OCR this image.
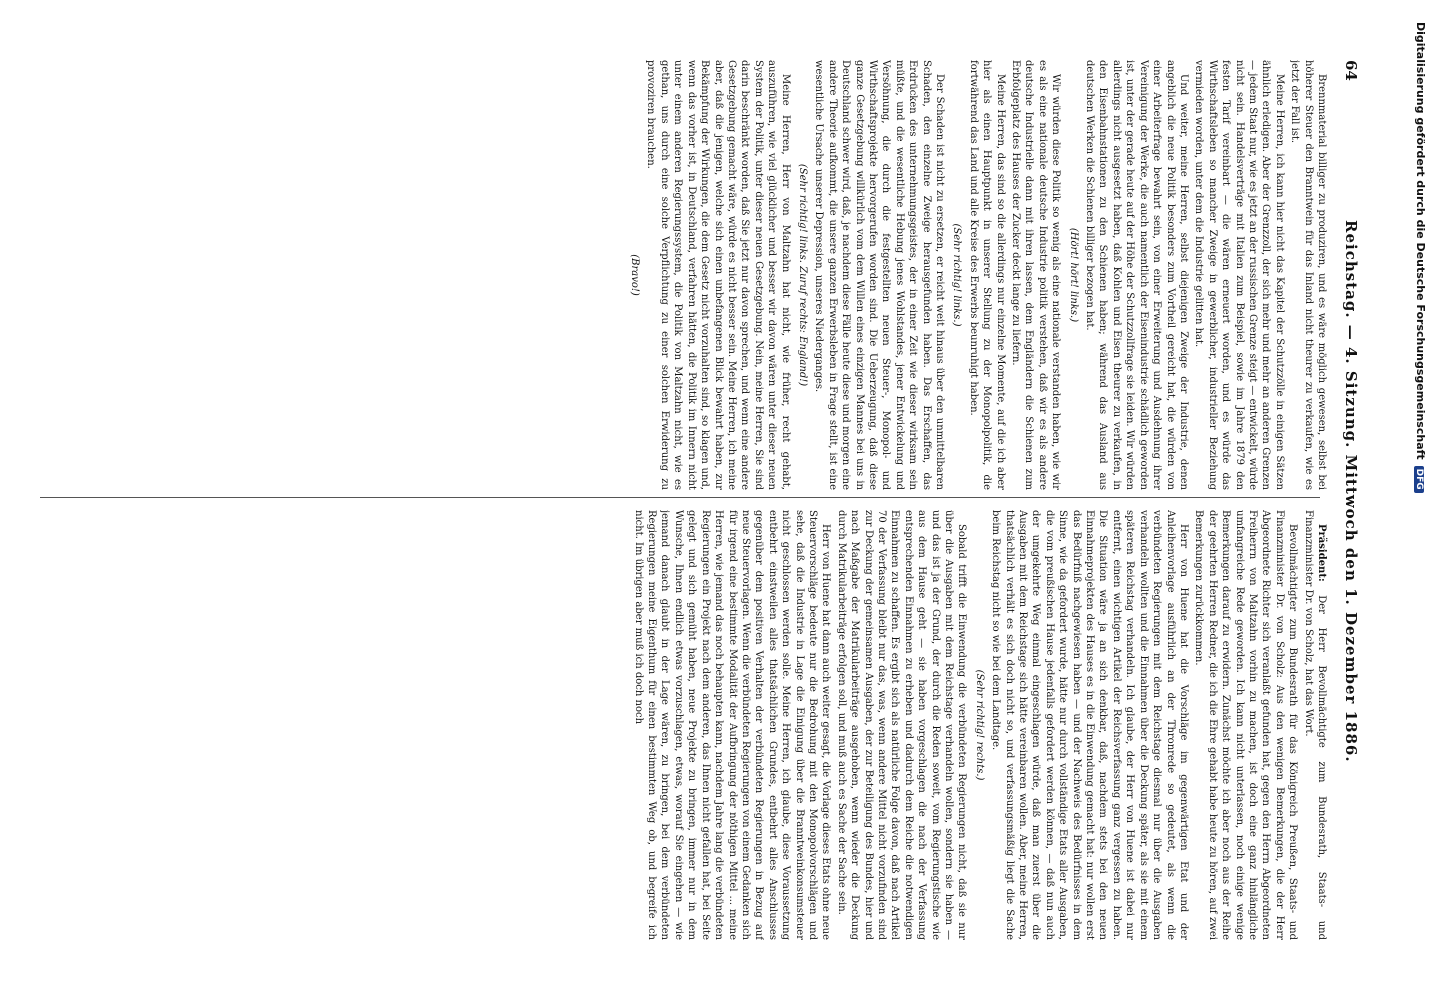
64
Reichstag. — 4. Sitzung. Mittwoch den 1. Dezember 1886.

Brennmaterial billiger zu produziren, und es wäre möglich gewesen, selbst bei höherer Steuer den Branntwein für das Inland nicht theurer zu verkaufen, wie es jetzt der Fall ist.

Meine Herren, ich kann hier nicht das Kapitel der Schutzzölle in einigen Sätzen ähnlich erledigen. Aber der Grenzzoll, der sich mehr und mehr an anderen Grenzen — jedem Staat nur, wie es jetzt an der russischen Grenze steigt — entwickelt, würde nicht sein. Handelsverträge mit Italien zum Beispiel, sowie im Jahre 1879 den festen Tarif vereinbart — die wären erneuert worden, und es würde das Wirthschaftsleben so mancher Zweige in gewerblicher, industrieller Beziehung vermieden worden, unter dem die Industrie gelitten hat.

Und weiter, meine Herren, selbst diejenigen Zweige der Industrie, denen angeblich die neue Politik besonders zum Vortheil gereicht hat, die würden von einer Arbeiterfrage bewahrt sein, von einer Erweiterung und Ausdehnung ihrer Vereinigung der Werke, die auch namentlich der Eisenindustrie schädlich geworden ist, unter der gerade heute auf der Höhe der Schutzzollfrage sie leiden. Wir würden allerdings nicht ausgesetzt haben, daß Kohlen und Eisen theurer zu verkaufen, in den Eisenbahnstationen zu den Schienen haben; während das Ausland aus deutschen Werken die Schienen billiger bezogen hat.

(Hört! hört! links.)

Wir würden diese Politik so wenig als eine nationale verstanden haben, wie wir es als eine nationale deutsche Industrie politik verstehen, daß wir es als andere deutsche Industrielle dann mit ihren lassen, dem Engländern die Schienen zum Erbfolgeplatz des Hauses der Zucker deckt lange zu liefern.

Meine Herren, das sind so die allerdings nur einzelne Momente, auf die ich aber hier als einen Hauptpunkt in unserer Stellung zu der Monopolpolitik, die fortwährend das Land und alle Kreise des Erwerbs beunruhigt haben.

(Sehr richtig! links.)

Der Schaden ist nicht zu ersetzen, er reicht weit hinaus über den unmittelbaren Schaden, den einzelne Zweige herausgefunden haben. Das Erschaffen, das Erdrücken des unternehmungsgeistes, der in einer Zeit wie dieser wirksam sein müßte, und die wesentliche Hebung jenes Wohlstandes, jener Entwickelung und Versöhnung, die durch die festgestellten neuen Steuer-, Monopol- und Wirthschaftsprojekte hervorgerufen worden sind. Die Ueberzeugung, daß diese ganze Gesetzgebung willkürlich vom dem Willen eines einzigen Mannes bei uns in Deutschland schwer wird, daß, je nachdem diese Fälle heute diese und morgen eine andere Theorie aufkommt, die unsere ganzen Erwerbsleben in Frage stellt, ist eine wesentliche Ursache unserer Depression, unseres Niederganges.

(Sehr richtig! links. Zuruf rechts: England!)

Meine Herren, Herr von Maltzahn hat nicht, wie früher, recht gehabt, auszuführen, wie viel glücklicher und besser wir davon wären unter dieser neuen System der Politik, unter dieser neuen Gesetzgebung. Nein, meine Herren, Sie sind darin beschränkt worden, daß Sie jetzt nur davon sprechen, und wenn eine andere Gesetzgebung gemacht wäre, würde es nicht besser sein. Meine Herren, ich meine aber, daß die jenigen, welche sich einen unbefangenen Blick bewahrt haben, zur Bekämpfung der Wirkungen, die dem Gesetz nicht vorzuhalten sind, so klagen und, wenn das vorher ist, in Deutschland, verfahren hätten, die Politik im Innern nicht unter einem anderen Regierungssystem, die Politik von Maltzahn nicht, wie es gethan, uns durch eine solche Verpflichtung zu einer solchen Erwiderung zu provoziren brauchen.

(Bravo!)

Präsident: Der Herr Bevollmächtigte zum Bundesrath, Staats- und Finanzminister Dr. von Scholz, hat das Wort.

Bevollmächtigter zum Bundesrath für das Königreich Preußen, Staats- und Finanzminister Dr. von Scholz: Aus den wenigen Bemerkungen, die der Herr Abgeordnete Richter sich veranlaßt gefunden hat, gegen den Herrn Abgeordneten Freiherrn von Maltzahn vorhin zu machen, ist doch eine ganz hinlängliche umfangreiche Rede geworden. Ich kann nicht unterlassen, noch einige wenige Bemerkungen darauf zu erwidern. Zunächst möchte ich aber noch aus der Reihe der geehrten Herren Redner, die ich die Ehre gehabt habe heute zu hören, auf zwei Bemerkungen zurückkommen.

Herr von Huene hat die Vorschläge im gegenwärtigen Etat und der Anleihenvorlage ausführlich an der Thronrede so gedeutet, als wenn die verbündeten Regierungen mit dem Reichstage diesmal nur über die Ausgaben verhandeln wollten und die Einnahmen über die Deckung später, als sie mit einem späteren Reichstag verhandeln. Ich glaube, der Herr von Huene ist dabei nur entfernt, einen wichtigen Artikel der Reichsverfassung ganz vergessen zu haben. Die Situation wäre ja an sich denkbar, daß, nachdem stets bei den neuen Einnahmeprojekten des Hauses es in die Einwendung gemacht hat: nur wollen erst das Bedürfniß nachgewiesen haben — und der Nachweis des Bedürfnisses in dem Sinne, wie da gefordert wurde, hätte nur durch vollständige Etats aller Ausgaben, die vom preußischen Hause jedenfalls gefordert werden können, — daß nun auch der umgekehrte Weg einmal eingeschlagen würde, daß man zuerst über die Ausgaben mit dem Reichstage sich hätte vereinbaren wollen. Aber, meine Herren, thatsächlich verhält es sich doch nicht so, und verfassungsmäßig liegt die Sache beim Reichstag nicht so wie bei dem Landtage.

(Sehr richtig! rechts.)

Sobald trifft die Einwendung die verbündeten Regierungen nicht, daß sie nur über die Ausgaben mit dem Reichstage verhandeln wollen, sondern sie haben — und das ist ja der Grund, der durch die Reden soweit, vom Regierungstische wie aus dem Hause geht — sie haben vorgeschlagen die nach der Verfassung entsprechenden Einnahmen zu erheben und dadurch dem Reiche die notwendigen Einnahmen zu schaffen. Es ergibt sich als natürliche Folge davon, daß nach Artikel 70 der Verfassung bleibt nur das, was, wenn andere Mittel nicht vorzufinden sind zur Deckung der gemeinsamen Ausgaben, der zur Beteiligung des Bundes, hier und nach Maßgabe der Matrikularbeiträge ausgehoben, wenn wieder die Deckung durch Matrikularbeiträge erfolgen soll, und muß auch es Sache der Sache sein.

Herr von Huene hat dann auch weiter gesagt, die Vorlage dieses Etats ohne neue Steuervorschläge bedeute nur die Bedrohung mit den Monopolvorschlägen und sehe, daß die Industrie in Lage die Einigung über die Branntweinkonsumsteuer nicht geschlossen werden solle. Meine Herren, ich glaube, diese Voraussetzung entbehrt einstweilen alles thatsächlichen Grundes, entbehrt alles Anschlusses gegenüber dem positiven Verhalten der verbündeten Regierungen in Bezug auf neue Steuervorlagen. Wenn die verbündeten Regierungen von einem Gedanken sich für irgend eine bestimmte Modalität der Aufbringung der nöthigen Mittel ... meine Herren, wie jemand das noch behaupten kann, nachdem Jahre lang die verbündeten Regierungen ein Projekt nach dem anderen, das Ihnen nicht gefallen hat, bei Seite gelegt und sich gemüht haben, neue Projekte zu bringen, immer nur in dem Wunsche, Ihnen endlich etwas vorzuschlagen, etwas, worauf Sie eingehen — wie jemand danach glaubt in der Lage wären, zu bringen, bei dem verbündeten Regierungen meine Eigenthum für einen bestimmten Weg ob, und begreife ich nicht. Im übrigen aber muß ich doch noch

Digitalisierung gefördert durch die Deutsche ForschungsgemeinschaftDFG
